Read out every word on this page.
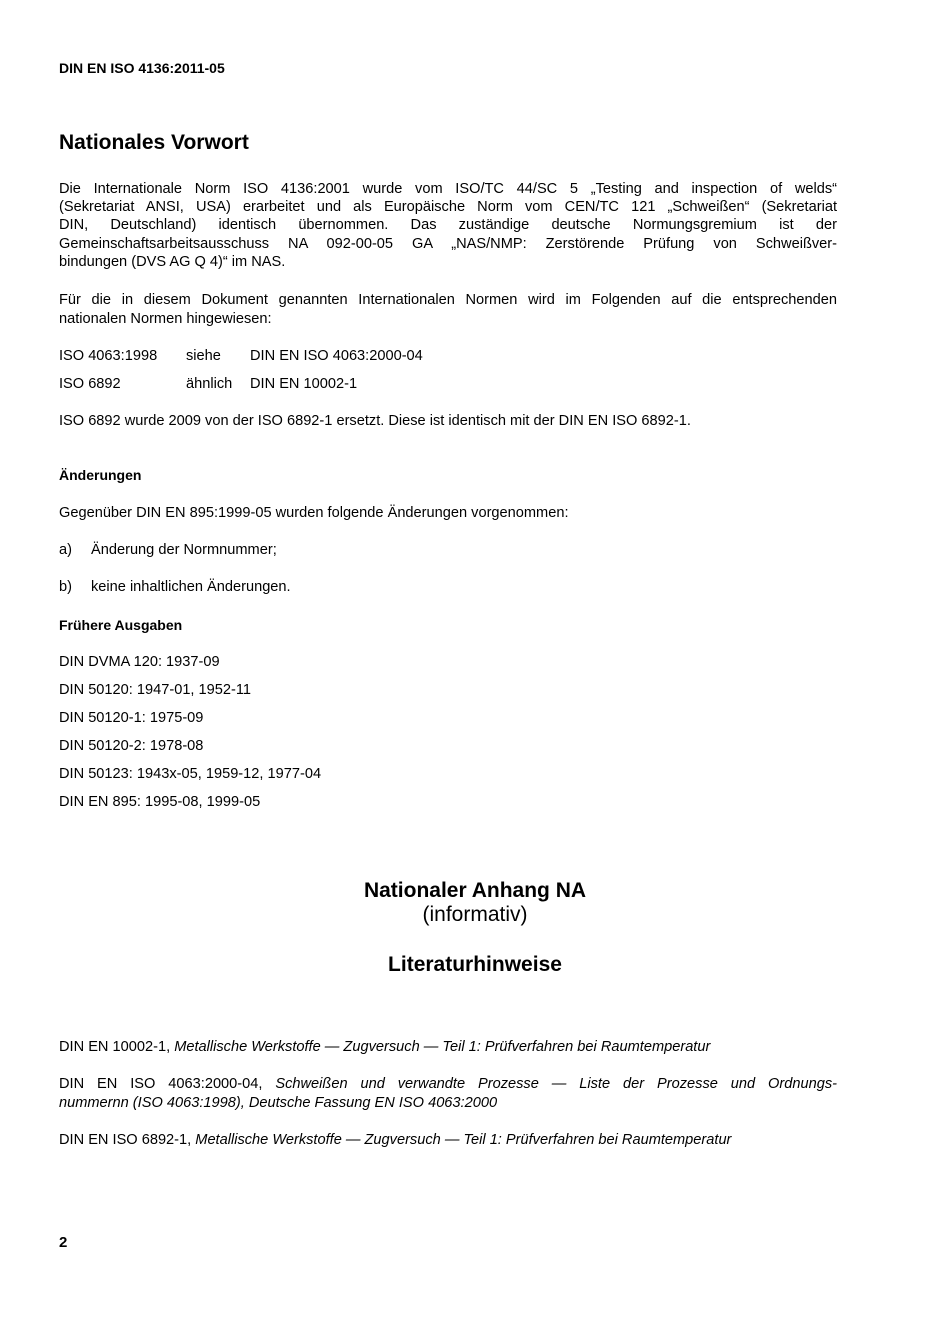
DIN EN ISO 4136:2011-05
Nationales Vorwort
Die Internationale Norm ISO 4136:2001 wurde vom ISO/TC 44/SC 5 „Testing and inspection of welds“
(Sekretariat ANSI, USA) erarbeitet und als Europäische Norm vom CEN/TC 121 „Schweißen“ (Sekretariat
DIN, Deutschland) identisch übernommen. Das zuständige deutsche Normungsgremium ist der
Gemeinschaftsarbeitsausschuss NA 092-00-05 GA „NAS/NMP: Zerstörende Prüfung von Schweißver-
bindungen (DVS AG Q 4)“ im NAS.
Für die in diesem Dokument genannten Internationalen Normen wird im Folgenden auf die entsprechenden
nationalen Normen hingewiesen:
ISO 4063:1998 siehe DIN EN ISO 4063:2000-04
ISO 6892	ähnlich DIN EN 10002-1
ISO 6892 wurde 2009 von der ISO 6892-1 ersetzt. Diese ist identisch mit der DIN EN ISO 6892-1.
Änderungen
Gegenüber DIN EN 895:1999-05 wurden folgende Änderungen vorgenommen:
a) Änderung der Normnummer;
b) keine inhaltlichen Änderungen.
Frühere Ausgaben
DIN DVMA 120: 1937-09
DIN 50120: 1947-01, 1952-11
DIN 50120-1: 1975-09
DIN 50120-2: 1978-08
DIN 50123: 1943x-05, 1959-12, 1977-04
DIN EN 895: 1995-08, 1999-05
Nationaler Anhang NA
(informativ)
Literaturhinweise
DIN EN 10002-1, Metallische Werkstoffe — Zugversuch — Teil 1: Prüfverfahren bei Raumtemperatur
DIN EN ISO 4063:2000-04, Schweißen und verwandte Prozesse — Liste der Prozesse und Ordnungs-
nummernn (ISO 4063:1998), Deutsche Fassung EN ISO 4063:2000
DIN EN ISO 6892-1, Metallische Werkstoffe — Zugversuch — Teil 1: Prüfverfahren bei Raumtemperatur
2
